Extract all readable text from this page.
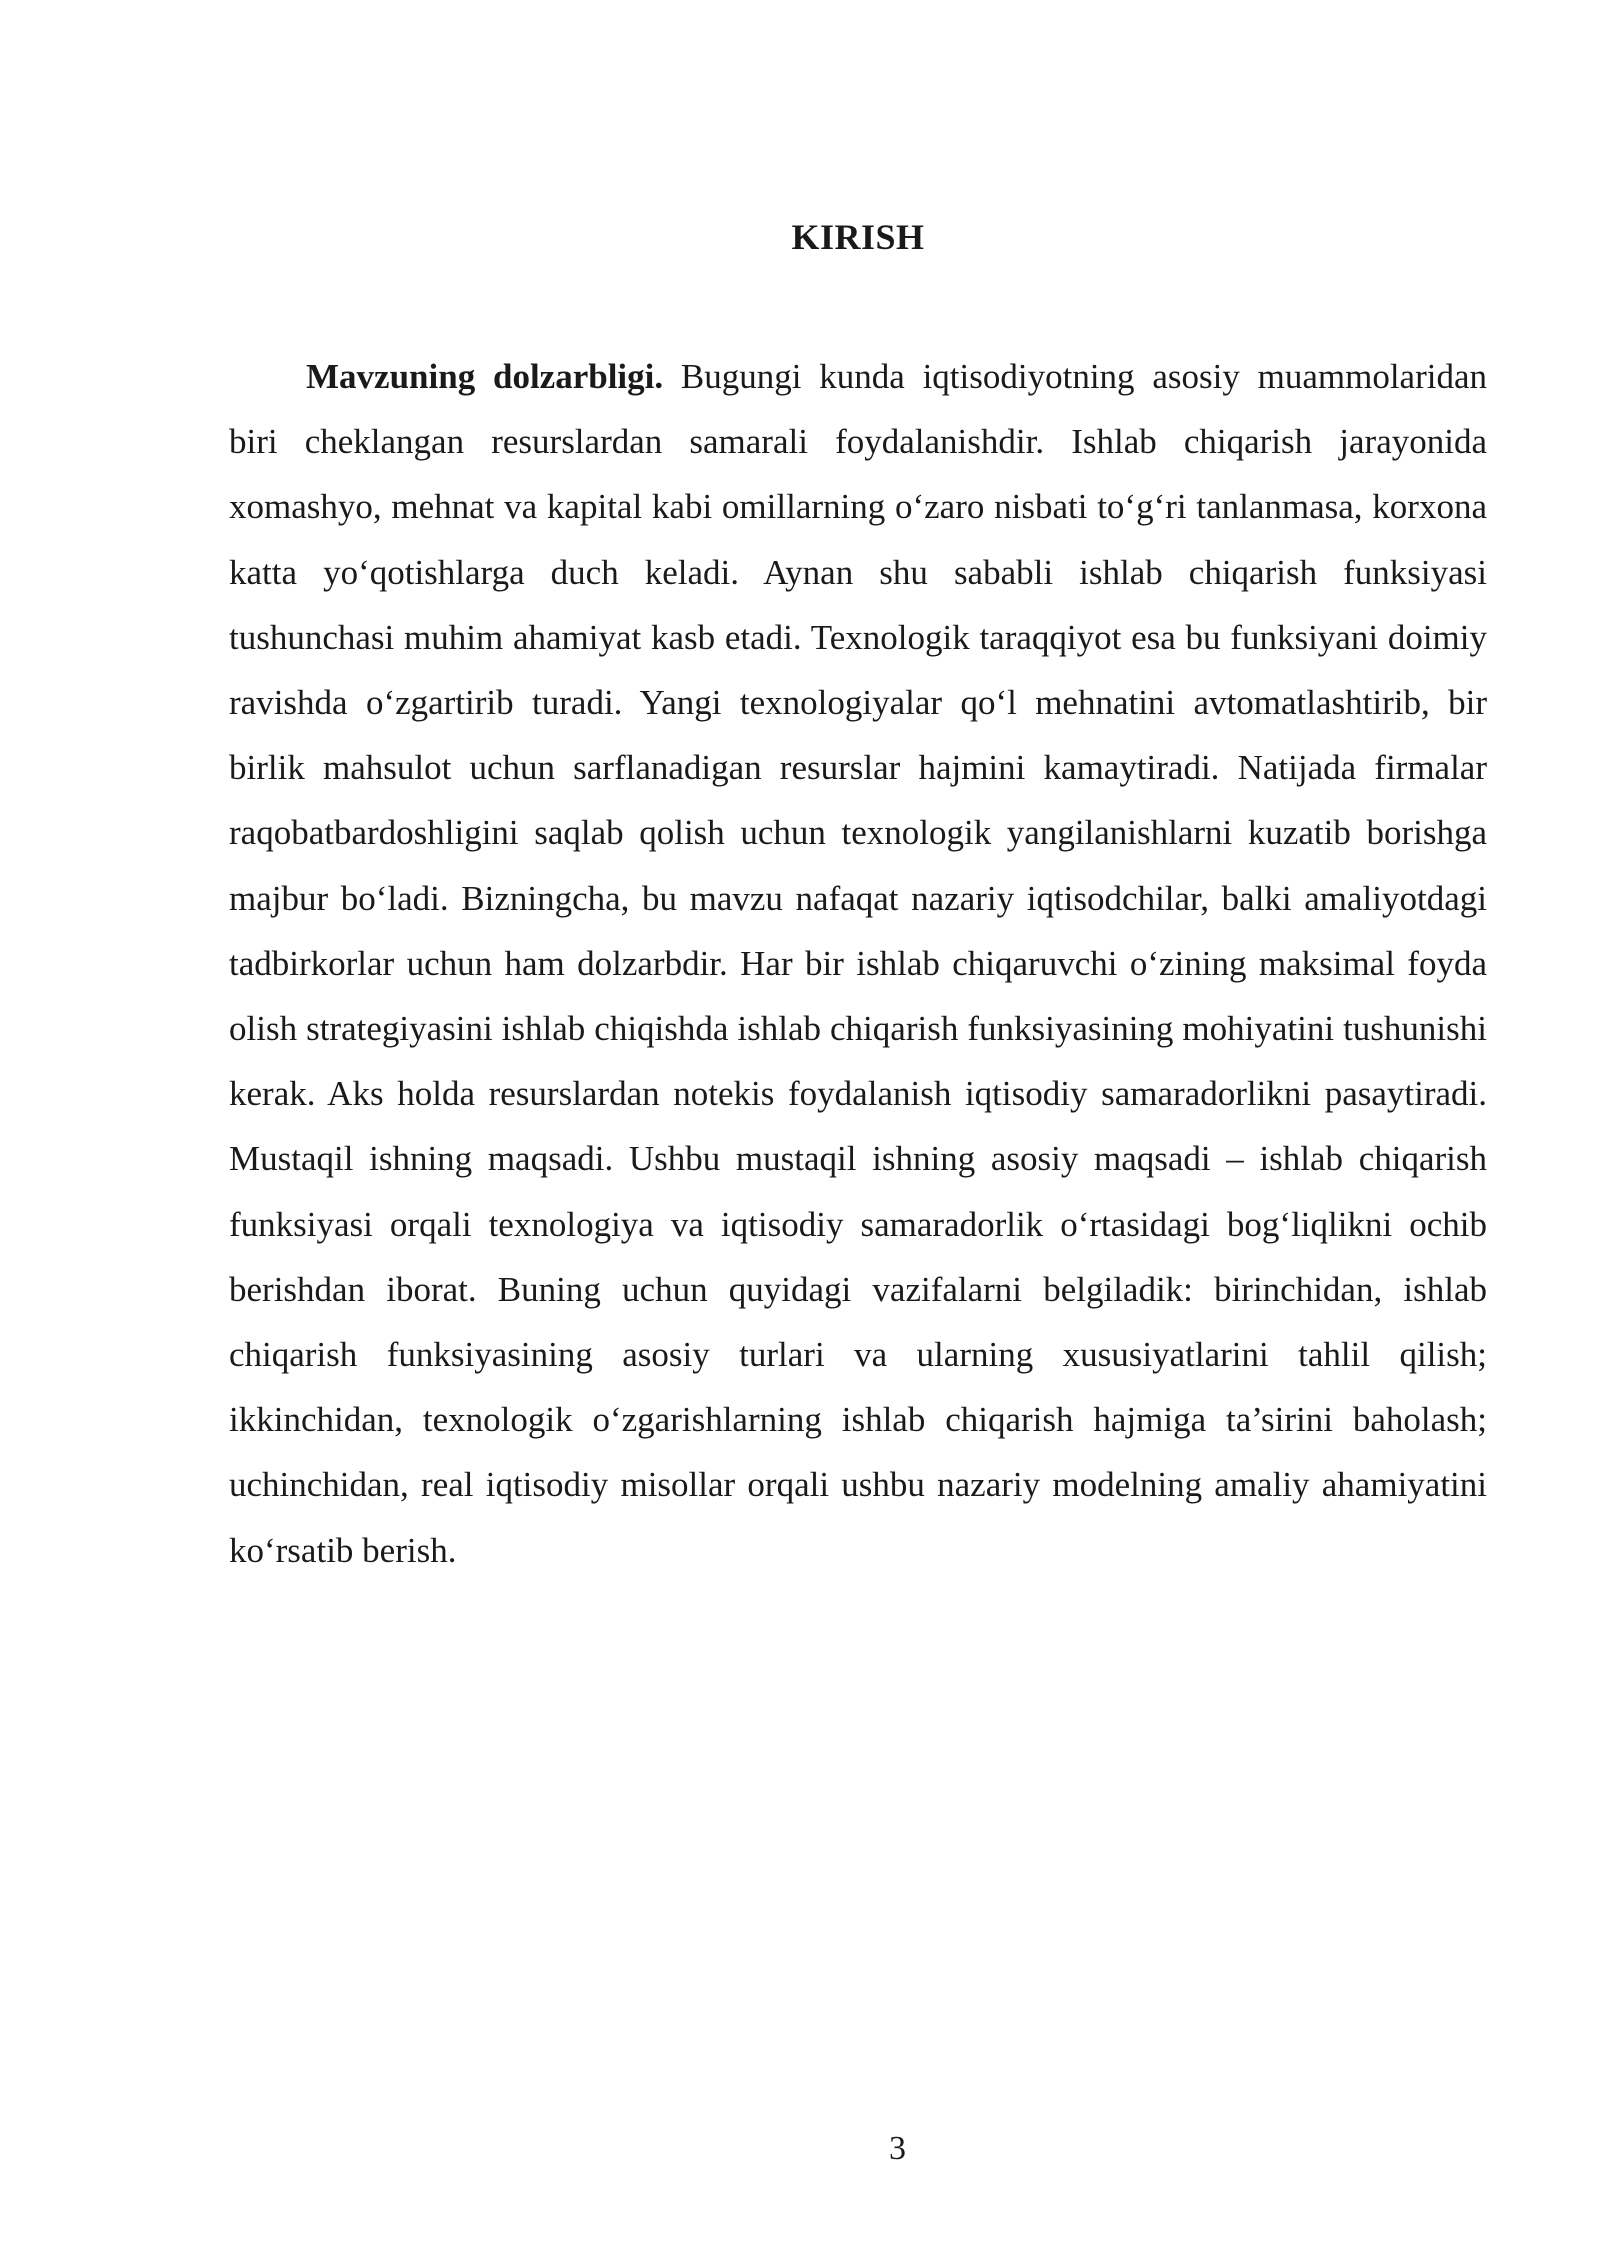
KIRISH

Mavzuning dolzarbligi. Bugungi kunda iqtisodiyotning asosiy muammolaridan biri cheklangan resurslardan samarali foydalanishdir. Ishlab chiqarish jarayonida xomashyo, mehnat va kapital kabi omillarning o‘zaro nisbati to‘g‘ri tanlanmasa, korxona katta yo‘qotishlarga duch keladi. Aynan shu sababli ishlab chiqarish funksiyasi tushunchasi muhim ahamiyat kasb etadi. Texnologik taraqqiyot esa bu funksiyani doimiy ravishda o‘zgartirib turadi. Yangi texnologiyalar qo‘l mehnatini avtomatlashtirib, bir birlik mahsulot uchun sarflanadigan resurslar hajmini kamaytiradi. Natijada firmalar raqobatbardoshligini saqlab qolish uchun texnologik yangilanishlarni kuzatib borishga majbur bo‘ladi. Bizningcha, bu mavzu nafaqat nazariy iqtisodchilar, balki amaliyotdagi tadbirkorlar uchun ham dolzarbdir. Har bir ishlab chiqaruvchi o‘zining maksimal foyda olish strategiyasini ishlab chiqishda ishlab chiqarish funksiyasining mohiyatini tushunishi kerak. Aks holda resurslardan notekis foydalanish iqtisodiy samaradorlikni pasaytiradi. Mustaqil ishning maqsadi. Ushbu mustaqil ishning asosiy maqsadi – ishlab chiqarish funksiyasi orqali texnologiya va iqtisodiy samaradorlik o‘rtasidagi bog‘liqlikni ochib berishdan iborat. Buning uchun quyidagi vazifalarni belgiladik: birinchidan, ishlab chiqarish funksiyasining asosiy turlari va ularning xususiyatlarini tahlil qilish; ikkinchidan, texnologik o‘zgarishlarning ishlab chiqarish hajmiga ta’sirini baholash; uchinchidan, real iqtisodiy misollar orqali ushbu nazariy modelning amaliy ahamiyatini ko‘rsatib berish.

3
